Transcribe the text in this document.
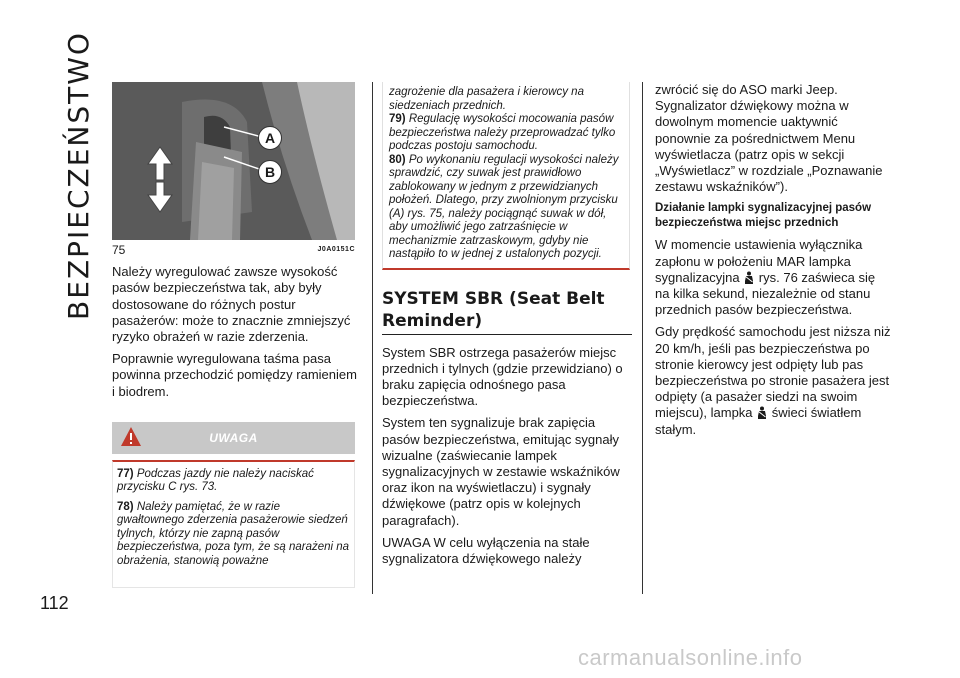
BEZPIECZEŃSTWO
112
A
B
75	J0A0151C

Należy wyregulować zawsze wysokość pasów bezpieczeństwa tak, aby były dostosowane do różnych postur pasażerów: może to znacznie zmniejszyć ryzyko obrażeń w razie zderzenia.

Poprawnie wyregulowana taśma pasa powinna przechodzić pomiędzy ramieniem i biodrem.

UWAGA

77) Podczas jazdy nie należy naciskać przycisku C rys. 73.

78) Należy pamiętać, że w razie gwałtownego zderzenia pasażerowie siedzeń tylnych, którzy nie zapną pasów bezpieczeństwa, poza tym, że są narażeni na obrażenia, stanowią poważne

zagrożenie dla pasażera i kierowcy na siedzeniach przednich.

79) Regulację wysokości mocowania pasów bezpieczeństwa należy przeprowadzać tylko podczas postoju samochodu.

80) Po wykonaniu regulacji wysokości należy sprawdzić, czy suwak jest prawidłowo zablokowany w jednym z przewidzianych położeń. Dlatego, przy zwolnionym przycisku (A) rys. 75, należy pociągnąć suwak w dół, aby umożliwić jego zatrzaśnięcie w mechanizmie zatrzaskowym, gdyby nie nastąpiło to w jednej z ustalonych pozycji.

SYSTEM SBR (Seat Belt Reminder)

System SBR ostrzega pasażerów miejsc przednich i tylnych (gdzie przewidziano) o braku zapięcia odnośnego pasa bezpieczeństwa.

System ten sygnalizuje brak zapięcia pasów bezpieczeństwa, emitując sygnały wizualne (zaświecanie lampek sygnalizacyjnych w zestawie wskaźników oraz ikon na wyświetlaczu) i sygnały dźwiękowe (patrz opis w kolejnych paragrafach).

UWAGA W celu wyłączenia na stałe sygnalizatora dźwiękowego należy

zwrócić się do ASO marki Jeep. Sygnalizator dźwiękowy można w dowolnym momencie uaktywnić ponownie za pośrednictwem Menu wyświetlacza (patrz opis w sekcji „Wyświetlacz” w rozdziale „Poznawanie zestawu wskaźników”).

Działanie lampki sygnalizacyjnej pasów bezpieczeństwa miejsc przednich

W momencie ustawienia wyłącznika zapłonu w położeniu MAR lampka sygnalizacyjna rys. 76 zaświeca się na kilka sekund, niezależnie od stanu przednich pasów bezpieczeństwa.

Gdy prędkość samochodu jest niższa niż 20 km/h, jeśli pas bezpieczeństwa po stronie kierowcy jest odpięty lub pas bezpieczeństwa po stronie pasażera jest odpięty (a pasażer siedzi na swoim miejscu), lampka świeci światłem stałym.

carmanualsonline.info
